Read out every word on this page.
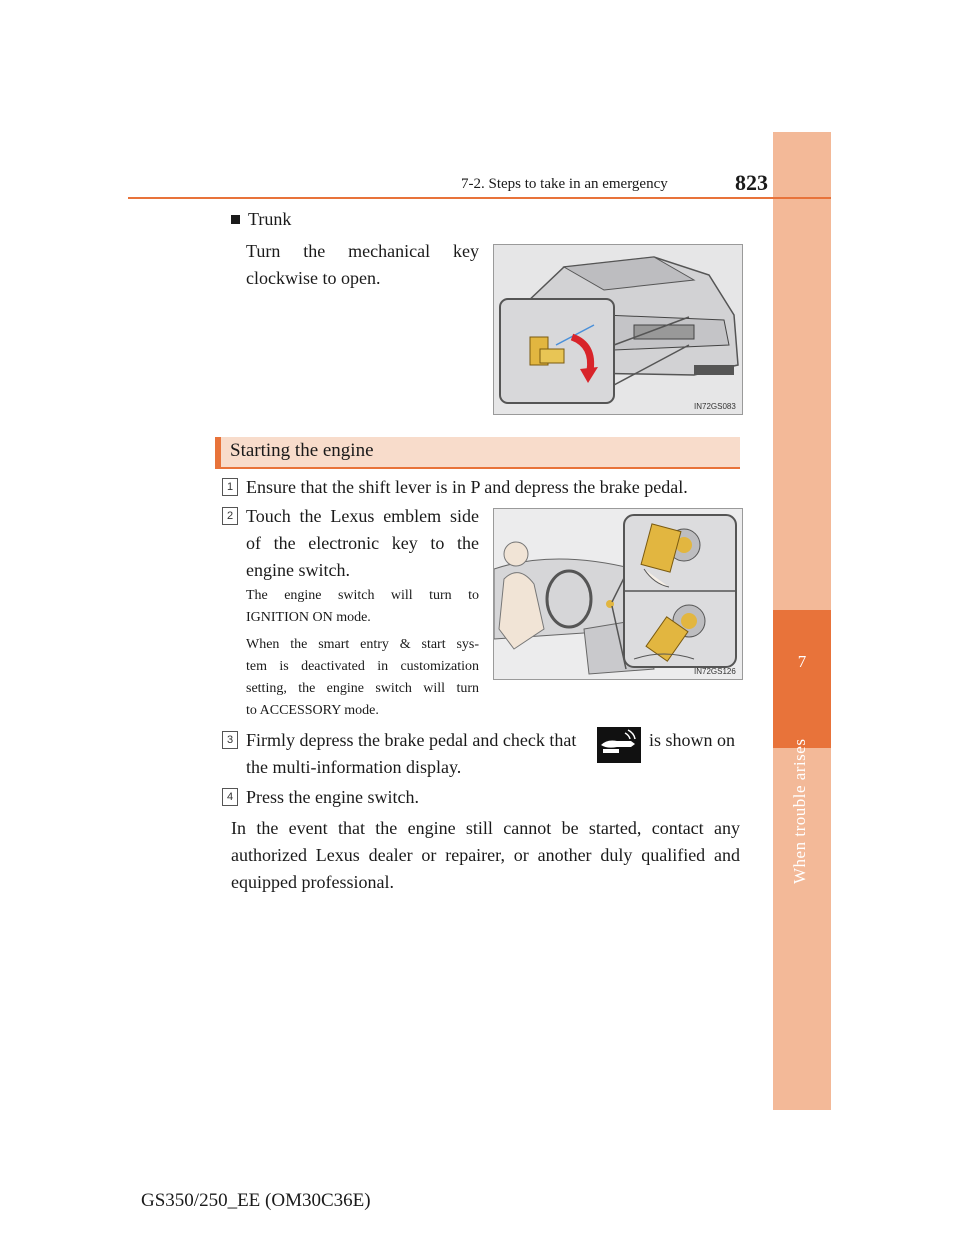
7
When trouble arises
7-2. Steps to take in an emergency	823
Trunk
Turn the mechanical key
clockwise to open.
IN72GS083
Starting the engine
1 Ensure that the shift lever is in P and depress the brake pedal.
2 Touch the Lexus emblem side
of the electronic key to the
engine switch.
The engine switch will turn to
IGNITION ON mode.
When the smart entry & start sys-
tem is deactivated in customization
setting, the engine switch will turn
to ACCESSORY mode.
IN72GS126
3 Firmly depress the brake pedal and check that	is shown on
the multi-information display.
4 Press the engine switch.
In the event that the engine still cannot be started, contact any
authorized Lexus dealer or repairer, or another duly qualified and
equipped professional.
GS350/250_EE (OM30C36E)
